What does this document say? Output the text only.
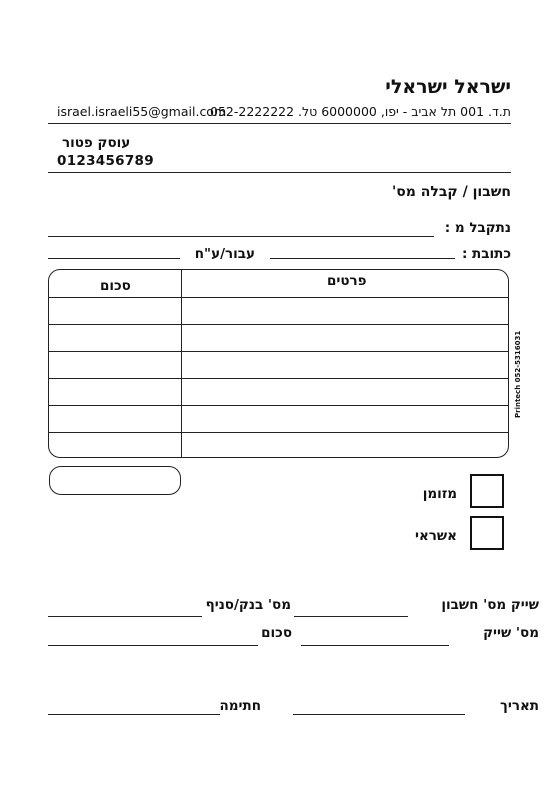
ישראל ישראלי
ת.ד. 001 תל אביב - יפו, 6000000 טל. 052-2222222
israel.israeli55@gmail.com
עוסק פטור
0123456789
חשבון / קבלה מס'
נתקבל מ :
כתובת :
עבור/ע"ח
סכום	פרטים
מזומן
אשראי
שייק מס' חשבון
מס' בנק/סניף
מס' שייק
סכום
תאריך
חתימה
Printech 052-5316031
